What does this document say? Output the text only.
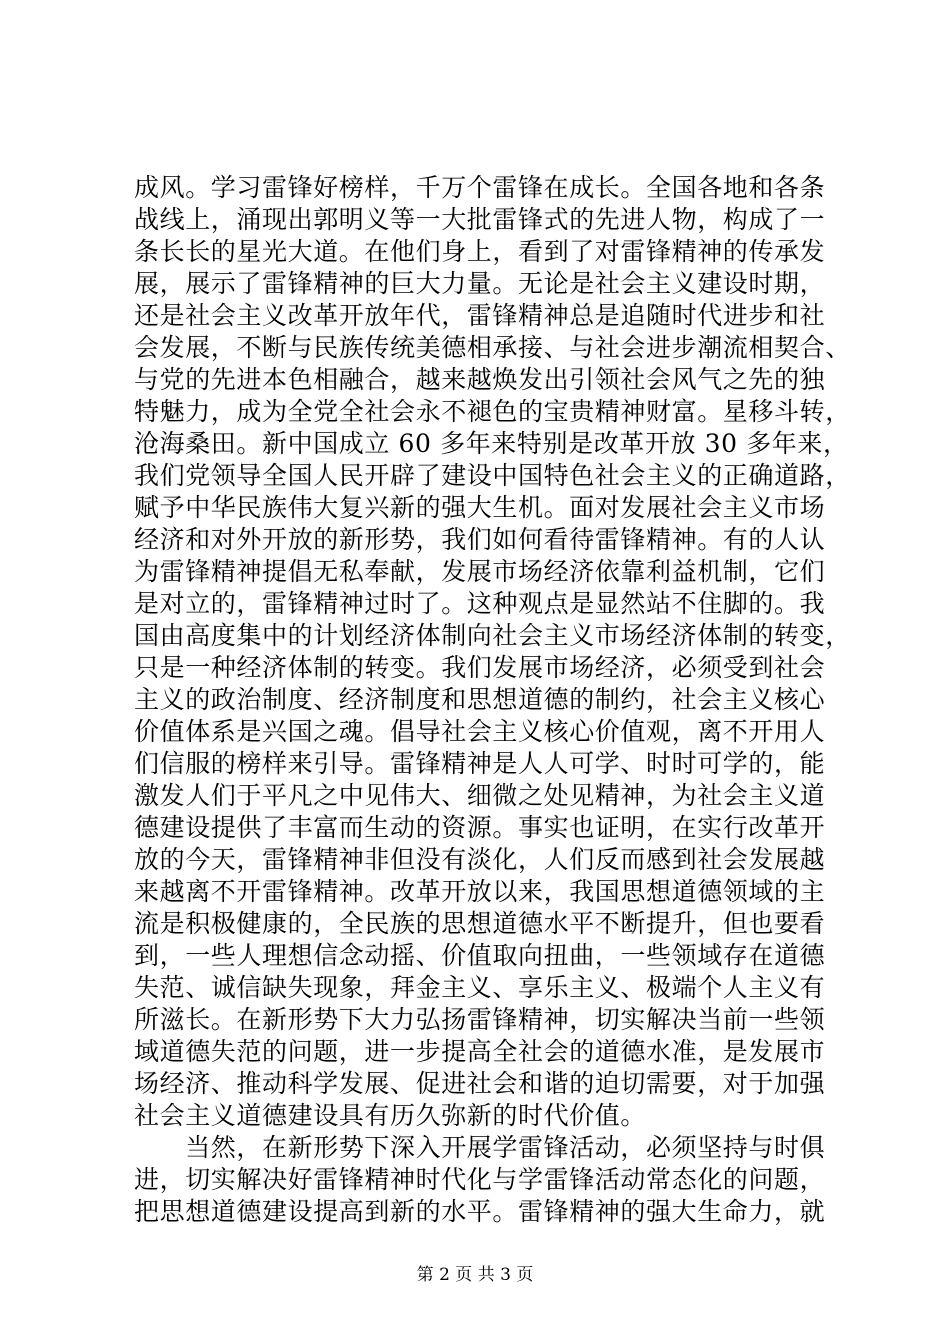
成风。学习雷锋好榜样，千万个雷锋在成长。全国各地和各条
战线上，涌现出郭明义等一大批雷锋式的先进人物，构成了一
条长长的星光大道。在他们身上，看到了对雷锋精神的传承发
展，展示了雷锋精神的巨大力量。无论是社会主义建设时期，
还是社会主义改革开放年代，雷锋精神总是追随时代进步和社
会发展，不断与民族传统美德相承接、与社会进步潮流相契合、
与党的先进本色相融合，越来越焕发出引领社会风气之先的独
特魅力，成为全党全社会永不褪色的宝贵精神财富。星移斗转，
沧海桑田。新中国成立 60 多年来特别是改革开放 30 多年来，
我们党领导全国人民开辟了建设中国特色社会主义的正确道路，
赋予中华民族伟大复兴新的强大生机。面对发展社会主义市场
经济和对外开放的新形势，我们如何看待雷锋精神。有的人认
为雷锋精神提倡无私奉献，发展市场经济依靠利益机制，它们
是对立的，雷锋精神过时了。这种观点是显然站不住脚的。我
国由高度集中的计划经济体制向社会主义市场经济体制的转变，
只是一种经济体制的转变。我们发展市场经济，必须受到社会
主义的政治制度、经济制度和思想道德的制约，社会主义核心
价值体系是兴国之魂。倡导社会主义核心价值观，离不开用人
们信服的榜样来引导。雷锋精神是人人可学、时时可学的，能
激发人们于平凡之中见伟大、细微之处见精神，为社会主义道
德建设提供了丰富而生动的资源。事实也证明，在实行改革开
放的今天，雷锋精神非但没有淡化，人们反而感到社会发展越
来越离不开雷锋精神。改革开放以来，我国思想道德领域的主
流是积极健康的，全民族的思想道德水平不断提升，但也要看
到，一些人理想信念动摇、价值取向扭曲，一些领域存在道德
失范、诚信缺失现象，拜金主义、享乐主义、极端个人主义有
所滋长。在新形势下大力弘扬雷锋精神，切实解决当前一些领
域道德失范的问题，进一步提高全社会的道德水准，是发展市
场经济、推动科学发展、促进社会和谐的迫切需要，对于加强
社会主义道德建设具有历久弥新的时代价值。
　　当然，在新形势下深入开展学雷锋活动，必须坚持与时俱
进，切实解决好雷锋精神时代化与学雷锋活动常态化的问题，
把思想道德建设提高到新的水平。雷锋精神的强大生命力，就
第 2 页 共 3 页
